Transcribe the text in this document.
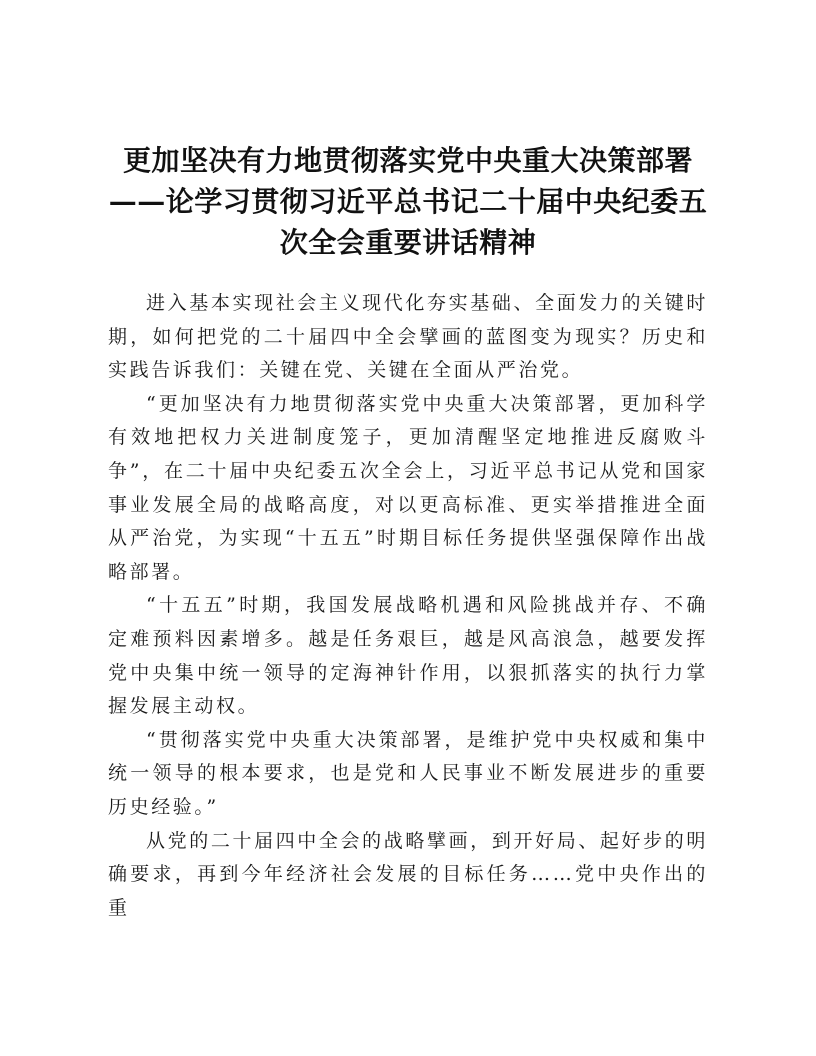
更加坚决有力地贯彻落实党中央重大决策部署——论学习贯彻习近平总书记二十届中央纪委五次全会重要讲话精神

进入基本实现社会主义现代化夯实基础、全面发力的关键时期，如何把党的二十届四中全会擘画的蓝图变为现实？历史和实践告诉我们：关键在党、关键在全面从严治党。

“更加坚决有力地贯彻落实党中央重大决策部署，更加科学有效地把权力关进制度笼子，更加清醒坚定地推进反腐败斗争”，在二十届中央纪委五次全会上，习近平总书记从党和国家事业发展全局的战略高度，对以更高标准、更实举措推进全面从严治党，为实现“十五五”时期目标任务提供坚强保障作出战略部署。

“十五五”时期，我国发展战略机遇和风险挑战并存、不确定难预料因素增多。越是任务艰巨，越是风高浪急，越要发挥党中央集中统一领导的定海神针作用，以狠抓落实的执行力掌握发展主动权。

“贯彻落实党中央重大决策部署，是维护党中央权威和集中统一领导的根本要求，也是党和人民事业不断发展进步的重要历史经验。”

从党的二十届四中全会的战略擘画，到开好局、起好步的明确要求，再到今年经济社会发展的目标任务……党中央作出的重
